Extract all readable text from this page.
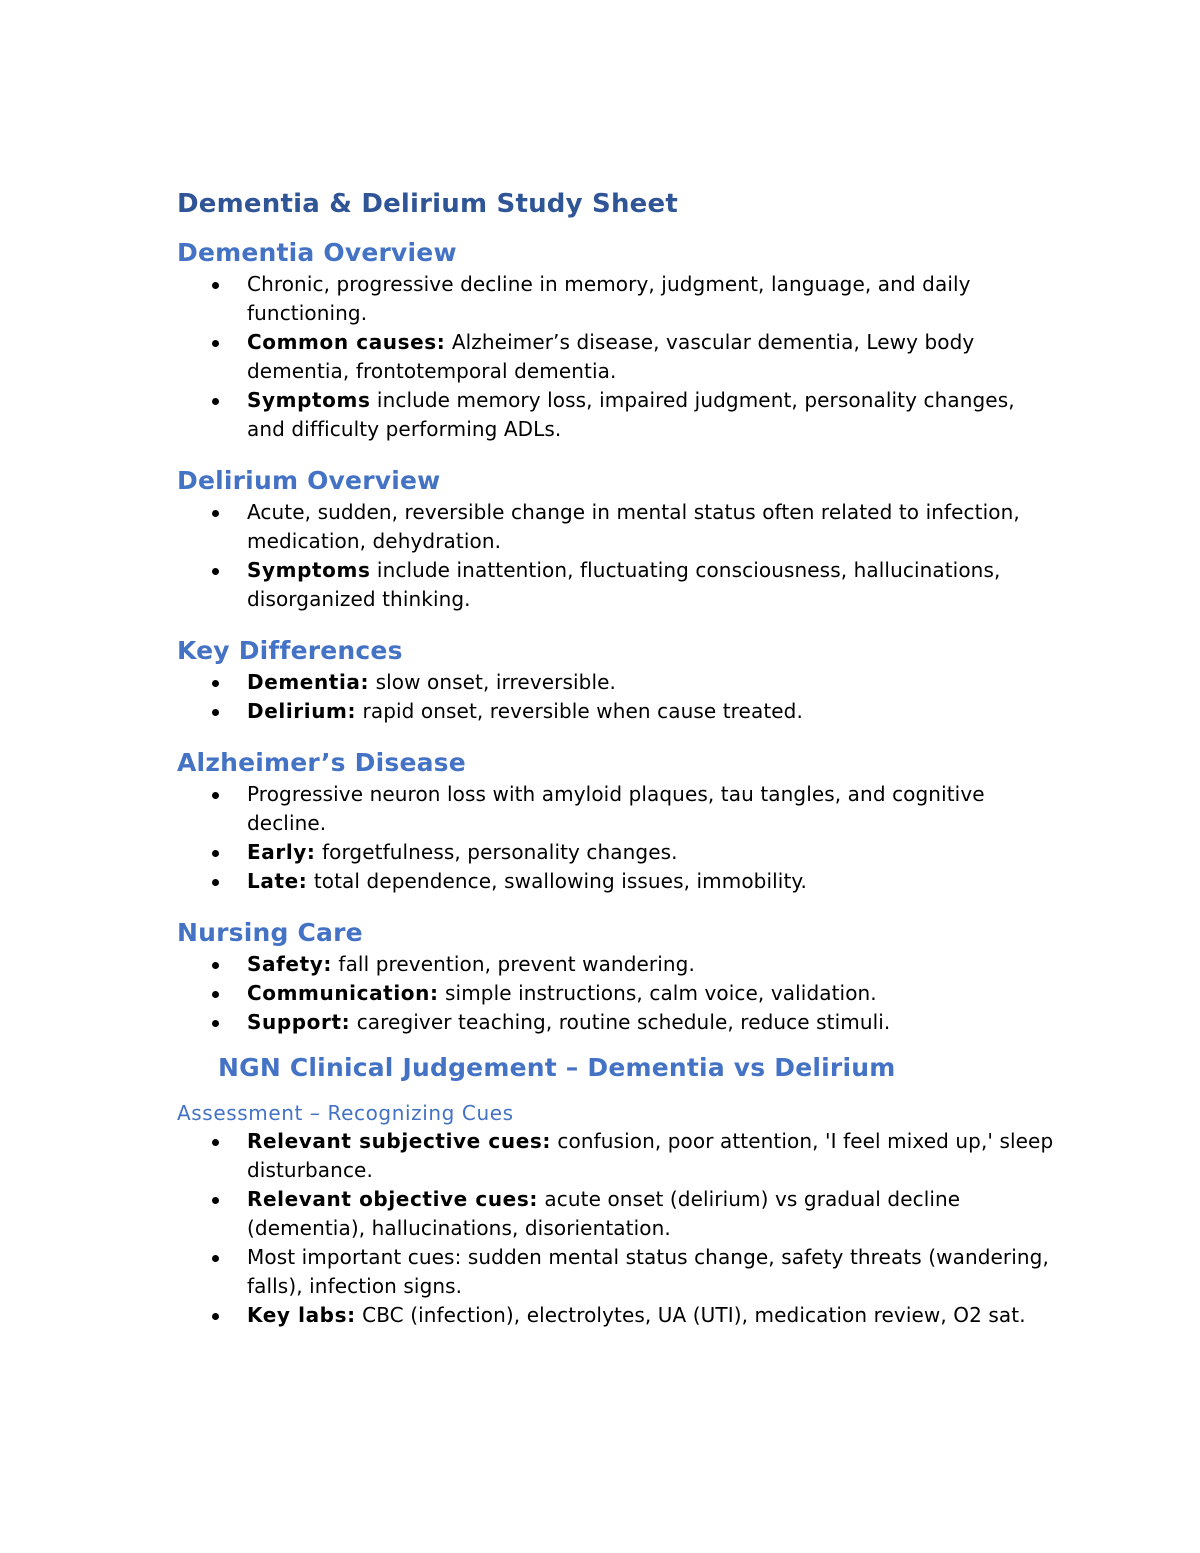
Dementia & Delirium Study Sheet
Dementia Overview
Chronic, progressive decline in memory, judgment, language, and daily functioning.
Common causes: Alzheimer’s disease, vascular dementia, Lewy body dementia, frontotemporal dementia.
Symptoms include memory loss, impaired judgment, personality changes, and difficulty performing ADLs.
Delirium Overview
Acute, sudden, reversible change in mental status often related to infection, medication, dehydration.
Symptoms include inattention, fluctuating consciousness, hallucinations, disorganized thinking.
Key Differences
Dementia: slow onset, irreversible.
Delirium: rapid onset, reversible when cause treated.
Alzheimer’s Disease
Progressive neuron loss with amyloid plaques, tau tangles, and cognitive decline.
Early: forgetfulness, personality changes.
Late: total dependence, swallowing issues, immobility.
Nursing Care
Safety: fall prevention, prevent wandering.
Communication: simple instructions, calm voice, validation.
Support: caregiver teaching, routine schedule, reduce stimuli.
NGN Clinical Judgement – Dementia vs Delirium
Assessment – Recognizing Cues
Relevant subjective cues: confusion, poor attention, 'I feel mixed up,' sleep disturbance.
Relevant objective cues: acute onset (delirium) vs gradual decline (dementia), hallucinations, disorientation.
Most important cues: sudden mental status change, safety threats (wandering, falls), infection signs.
Key labs: CBC (infection), electrolytes, UA (UTI), medication review, O2 sat.
